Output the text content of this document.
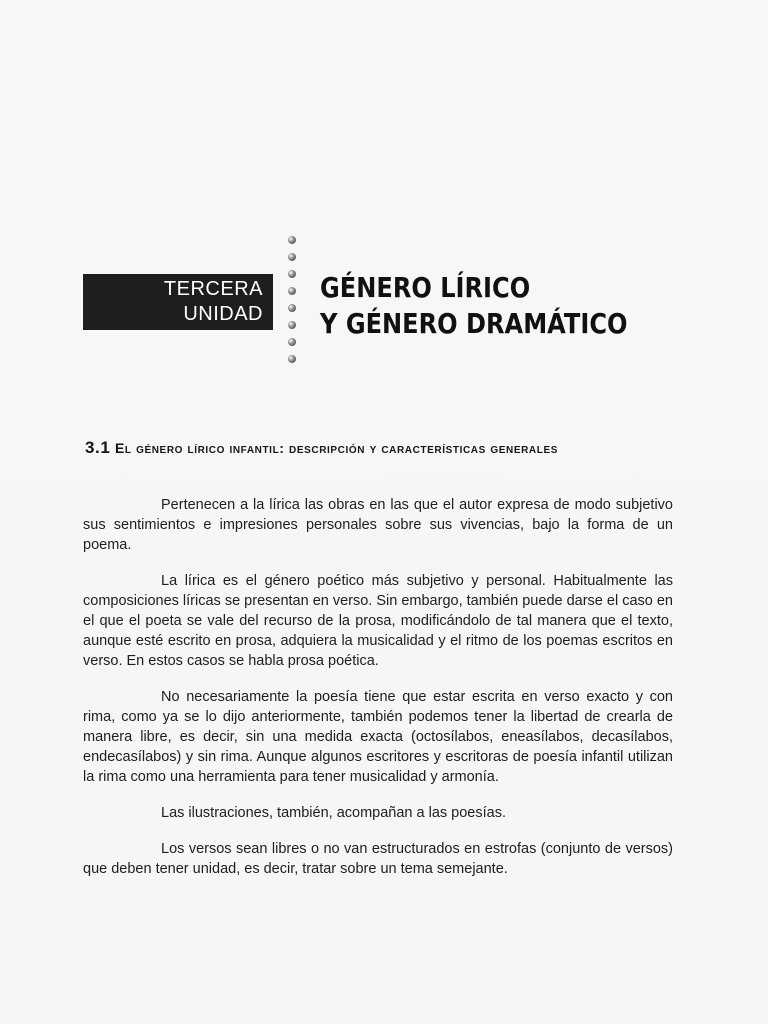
TERCERA
UNIDAD
GÉNERO LÍRICO
Y GÉNERO DRAMÁTICO
3.1 El género lírico infantil: descripción y características generales

Pertenecen a la lírica las obras en las que el autor expresa de modo subjetivo sus sentimientos e impresiones personales sobre sus vivencias, bajo la forma de un poema.

La lírica es el género poético más subjetivo y personal. Habitualmente las composiciones líricas se presentan en verso. Sin embargo, también puede darse el caso en el que el poeta se vale del recurso de la prosa, modificándolo de tal manera que el texto, aunque esté escrito en prosa, adquiera la musicalidad y el ritmo de los poemas escritos en verso. En estos casos se habla prosa poética.

No necesariamente la poesía tiene que estar escrita en verso exacto y con rima, como ya se lo dijo anteriormente, también podemos tener la libertad de crearla de manera libre, es decir, sin una medida exacta (octosílabos, eneasílabos, decasílabos, endecasílabos) y sin rima. Aunque algunos escritores y escritoras de poesía infantil utilizan la rima como una herramienta para tener musicalidad y armonía.

Las ilustraciones, también, acompañan a las poesías.

Los versos sean libres o no van estructurados en estrofas (conjunto de versos) que deben tener unidad, es decir, tratar sobre un tema semejante.
